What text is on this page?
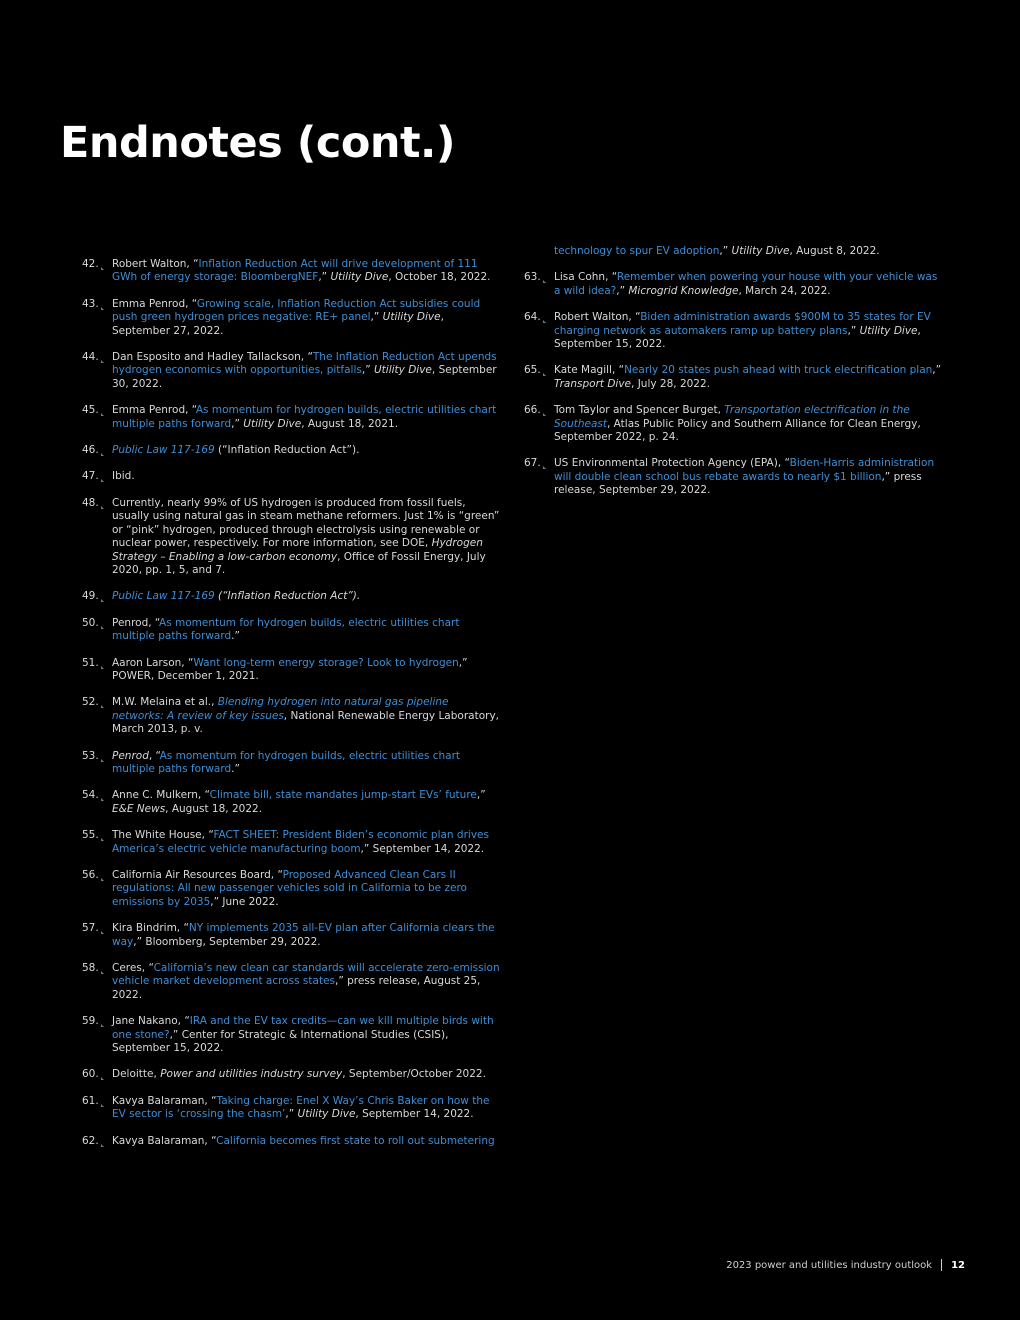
Endnotes (cont.)
42. Robert Walton, “Inflation Reduction Act will drive development of 111 GWh of energy storage: BloombergNEF,” Utility Dive, October 18, 2022.
43. Emma Penrod, “Growing scale, Inflation Reduction Act subsidies could push green hydrogen prices negative: RE+ panel,” Utility Dive, September 27, 2022.
44. Dan Esposito and Hadley Tallackson, “The Inflation Reduction Act upends hydrogen economics with opportunities, pitfalls,” Utility Dive, September 30, 2022.
45. Emma Penrod, “As momentum for hydrogen builds, electric utilities chart multiple paths forward,” Utility Dive, August 18, 2021.
46. Public Law 117-169 (“Inflation Reduction Act”).
47. Ibid.
48. Currently, nearly 99% of US hydrogen is produced from fossil fuels, usually using natural gas in steam methane reformers. Just 1% is “green” or “pink” hydrogen, produced through electrolysis using renewable or nuclear power, respectively. For more information, see DOE, Hydrogen Strategy – Enabling a low-carbon economy, Office of Fossil Energy, July 2020, pp. 1, 5, and 7.
49. Public Law 117-169 (“Inflation Reduction Act”).
50. Penrod, “As momentum for hydrogen builds, electric utilities chart multiple paths forward.”
51. Aaron Larson, “Want long-term energy storage? Look to hydrogen,” POWER, December 1, 2021.
52. M.W. Melaina et al., Blending hydrogen into natural gas pipeline networks: A review of key issues, National Renewable Energy Laboratory, March 2013, p. v.
53. Penrod, “As momentum for hydrogen builds, electric utilities chart multiple paths forward.”
54. Anne C. Mulkern, “Climate bill, state mandates jump-start EVs’ future,” E&E News, August 18, 2022.
55. The White House, “FACT SHEET: President Biden’s economic plan drives America’s electric vehicle manufacturing boom,” September 14, 2022.
56. California Air Resources Board, “Proposed Advanced Clean Cars II regulations: All new passenger vehicles sold in California to be zero emissions by 2035,” June 2022.
57. Kira Bindrim, “NY implements 2035 all-EV plan after California clears the way,” Bloomberg, September 29, 2022.
58. Ceres, “California’s new clean car standards will accelerate zero-emission vehicle market development across states,” press release, August 25, 2022.
59. Jane Nakano, “IRA and the EV tax credits—can we kill multiple birds with one stone?,” Center for Strategic & International Studies (CSIS), September 15, 2022.
60. Deloitte, Power and utilities industry survey, September/October 2022.
61. Kavya Balaraman, “Taking charge: Enel X Way’s Chris Baker on how the EV sector is ‘crossing the chasm’,” Utility Dive, September 14, 2022.
62. Kavya Balaraman, “California becomes first state to roll out submetering
technology to spur EV adoption,” Utility Dive, August 8, 2022.
63. Lisa Cohn, “Remember when powering your house with your vehicle was a wild idea?,” Microgrid Knowledge, March 24, 2022.
64. Robert Walton, “Biden administration awards $900M to 35 states for EV charging network as automakers ramp up battery plans,” Utility Dive, September 15, 2022.
65. Kate Magill, “Nearly 20 states push ahead with truck electrification plan,” Transport Dive, July 28, 2022.
66. Tom Taylor and Spencer Burget, Transportation electrification in the Southeast, Atlas Public Policy and Southern Alliance for Clean Energy, September 2022, p. 24.
67. US Environmental Protection Agency (EPA), “Biden-Harris administration will double clean school bus rebate awards to nearly $1 billion,” press release, September 29, 2022.
2023 power and utilities industry outlook 12
